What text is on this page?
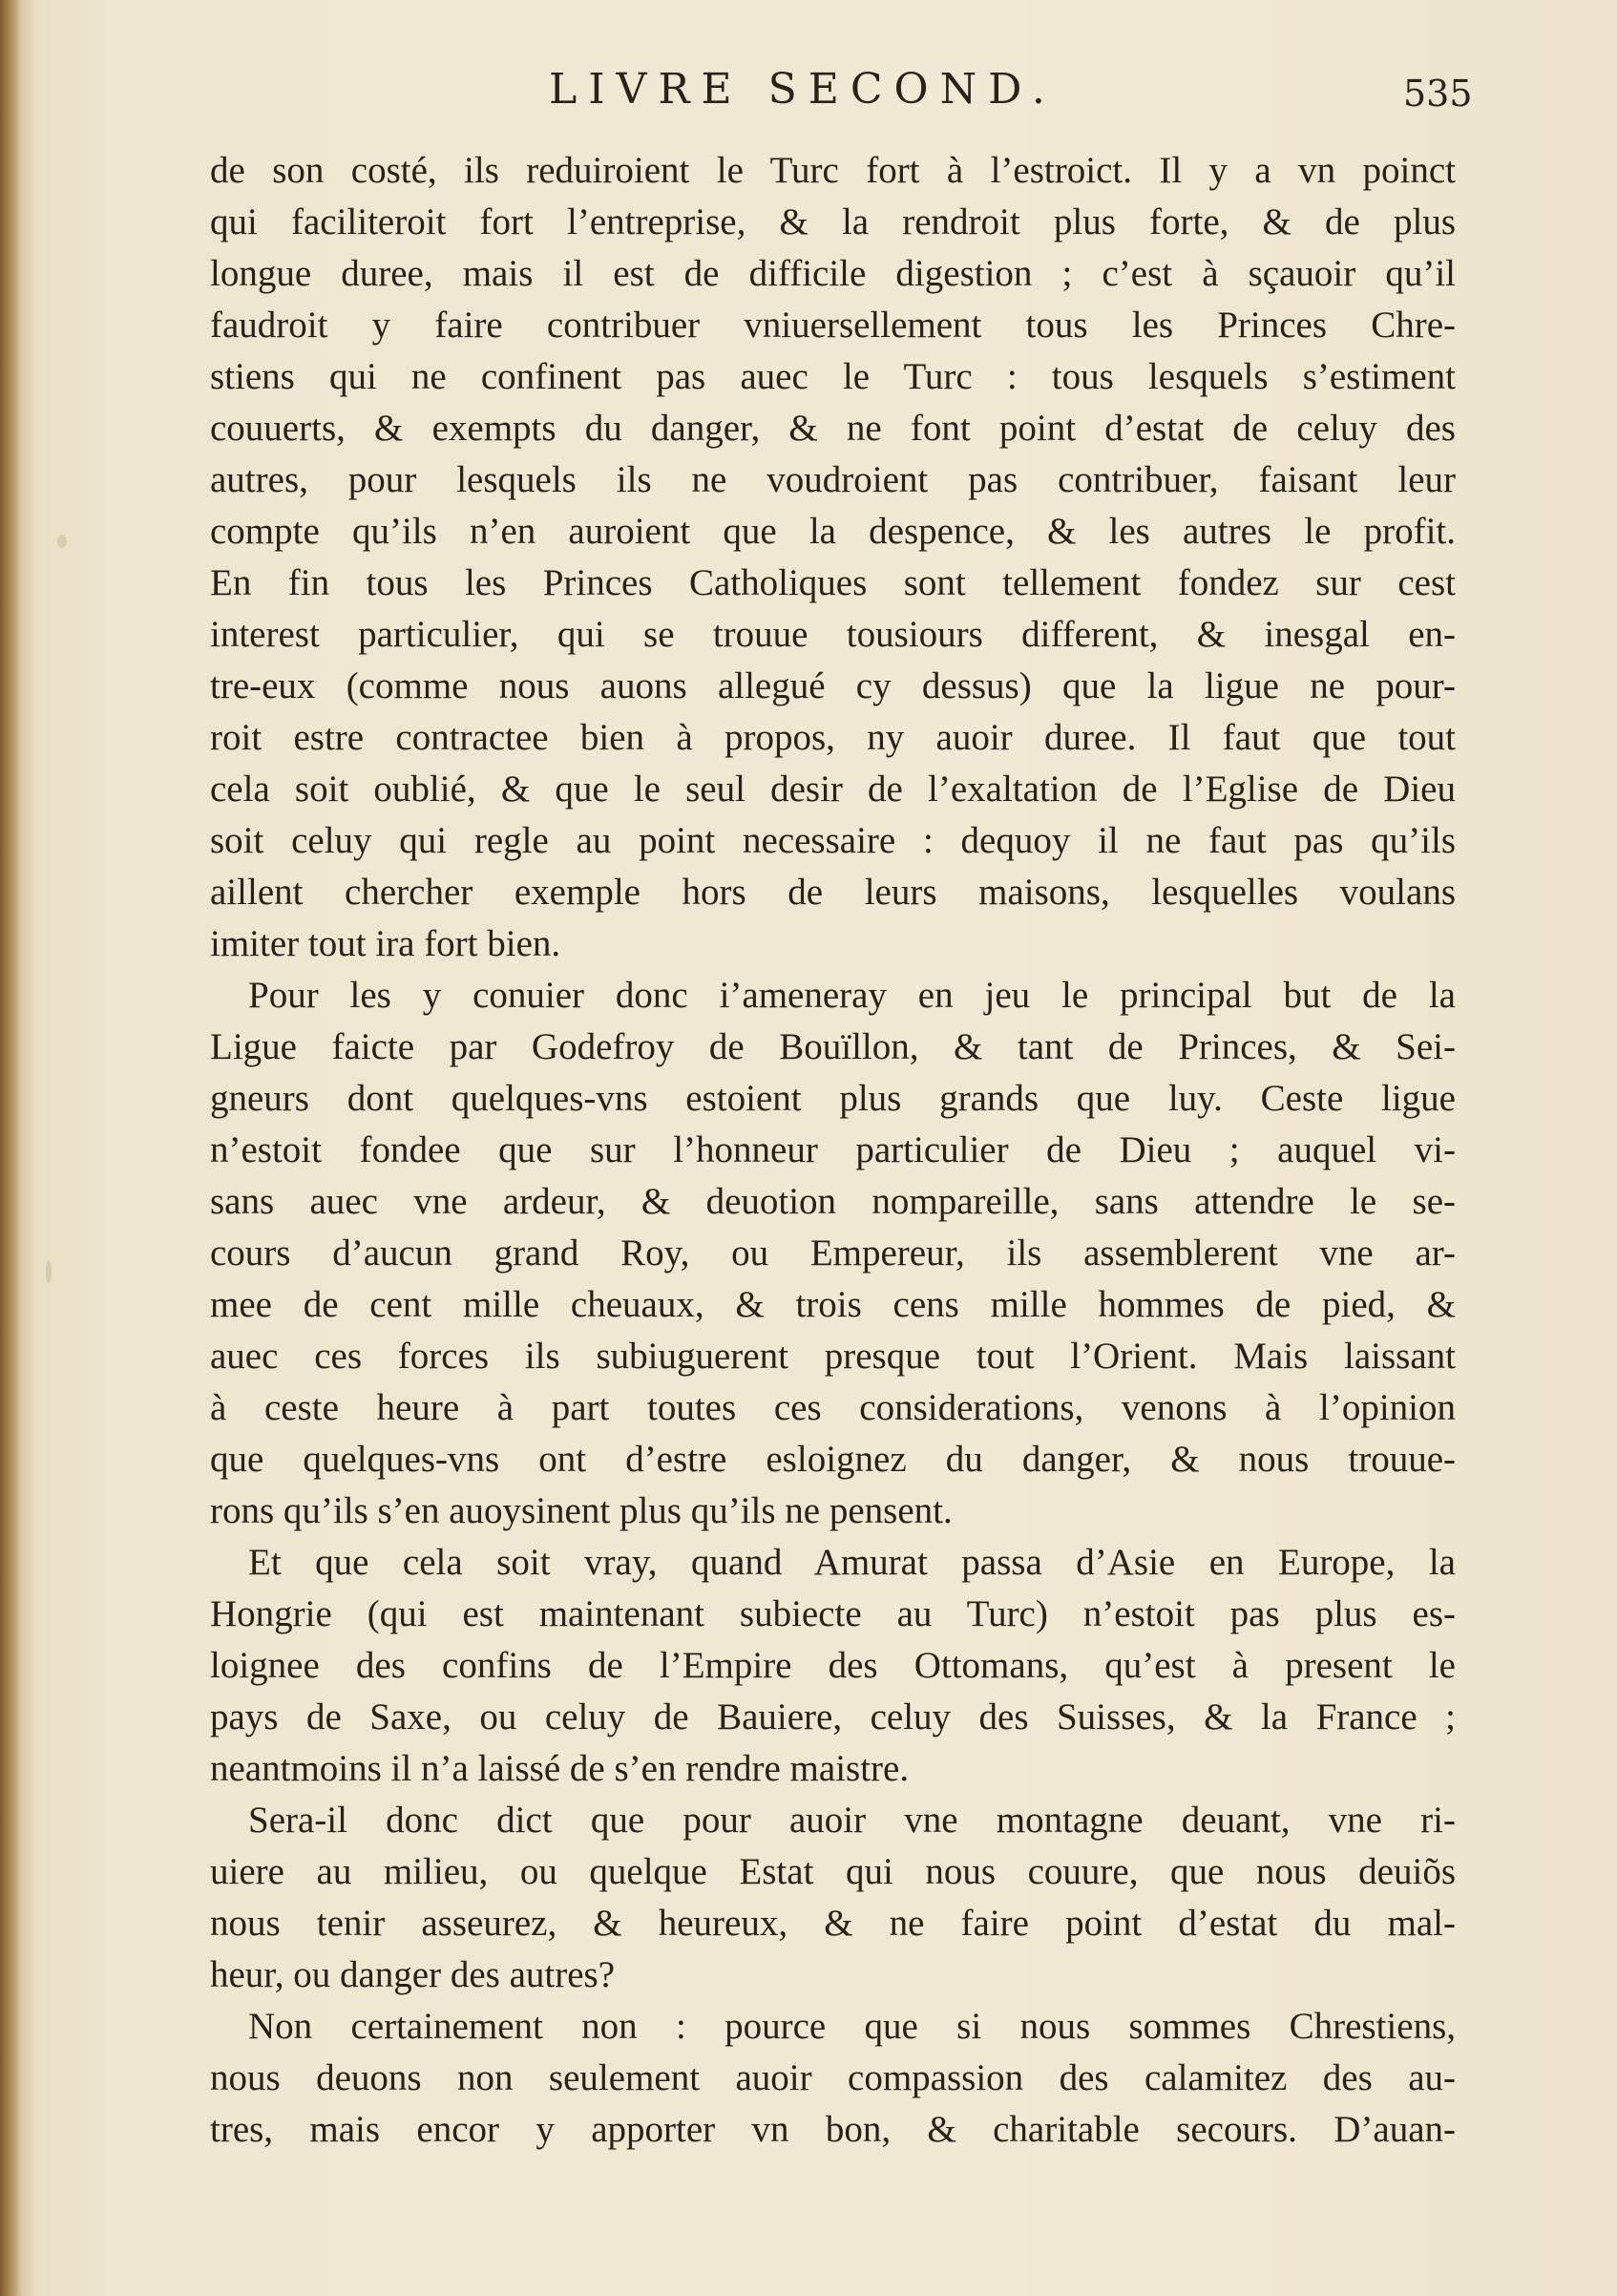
LIVRE SECOND.	535
de son costé, ils reduiroient le Turc fort à l’estroict. Il y a vn poinct
qui faciliteroit fort l’entreprise, & la rendroit plus forte, & de plus
longue duree, mais il est de difficile digestion ; c’est à sçauoir qu’il
faudroit y faire contribuer vniuersellement tous les Princes Chre-
stiens qui ne confinent pas auec le Turc : tous lesquels s’estiment
couuerts, & exempts du danger, & ne font point d’estat de celuy des
autres, pour lesquels ils ne voudroient pas contribuer, faisant leur
compte qu’ils n’en auroient que la despence, & les autres le profit.
En fin tous les Princes Catholiques sont tellement fondez sur cest
interest particulier, qui se trouue tousiours different, & inesgal en-
tre-eux (comme nous auons allegué cy dessus) que la ligue ne pour-
roit estre contractee bien à propos, ny auoir duree. Il faut que tout
cela soit oublié, & que le seul desir de l’exaltation de l’Eglise de Dieu
soit celuy qui regle au point necessaire : dequoy il ne faut pas qu’ils
aillent chercher exemple hors de leurs maisons, lesquelles voulans
imiter tout ira fort bien.
Pour les y conuier donc i’ameneray en jeu le principal but de la
Ligue faicte par Godefroy de Bouïllon, & tant de Princes, & Sei-
gneurs dont quelques-vns estoient plus grands que luy. Ceste ligue
n’estoit fondee que sur l’honneur particulier de Dieu ; auquel vi-
sans auec vne ardeur, & deuotion nompareille, sans attendre le se-
cours d’aucun grand Roy, ou Empereur, ils assemblerent vne ar-
mee de cent mille cheuaux, & trois cens mille hommes de pied, &
auec ces forces ils subiuguerent presque tout l’Orient. Mais laissant
à ceste heure à part toutes ces considerations, venons à l’opinion
que quelques-vns ont d’estre esloignez du danger, & nous trouue-
rons qu’ils s’en auoysinent plus qu’ils ne pensent.
Et que cela soit vray, quand Amurat passa d’Asie en Europe, la
Hongrie (qui est maintenant subiecte au Turc) n’estoit pas plus es-
loignee des confins de l’Empire des Ottomans, qu’est à present le
pays de Saxe, ou celuy de Bauiere, celuy des Suisses, & la France ;
neantmoins il n’a laissé de s’en rendre maistre.
Sera-il donc dict que pour auoir vne montagne deuant, vne ri-
uiere au milieu, ou quelque Estat qui nous couure, que nous deuiõs
nous tenir asseurez, & heureux, & ne faire point d’estat du mal-
heur, ou danger des autres?
Non certainement non : pource que si nous sommes Chrestiens,
nous deuons non seulement auoir compassion des calamitez des au-
tres, mais encor y apporter vn bon, & charitable secours. D’auan-
